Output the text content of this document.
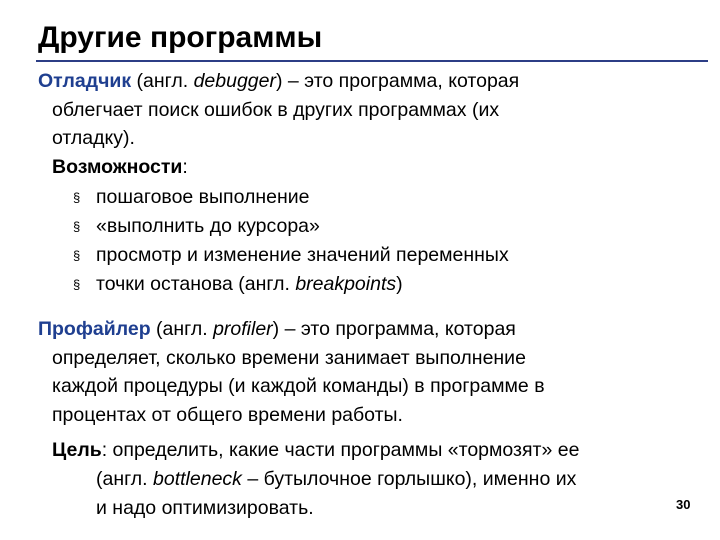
Другие программы
Отладчик (англ. debugger) – это программа, которая
облегчает поиск ошибок в других программах (их
отладку).
Возможности:
§ пошаговое выполнение
§ «выполнить до курсора»
§ просмотр и изменение значений переменных
§ точки останова (англ. breakpoints)
Профайлер (англ. profiler) – это программа, которая
определяет, сколько времени занимает выполнение
каждой процедуры (и каждой команды) в программе в
процентах от общего времени работы.
Цель: определить, какие части программы «тормозят» ее
(англ. bottleneck – бутылочное горлышко), именно их
и надо оптимизировать.	30
